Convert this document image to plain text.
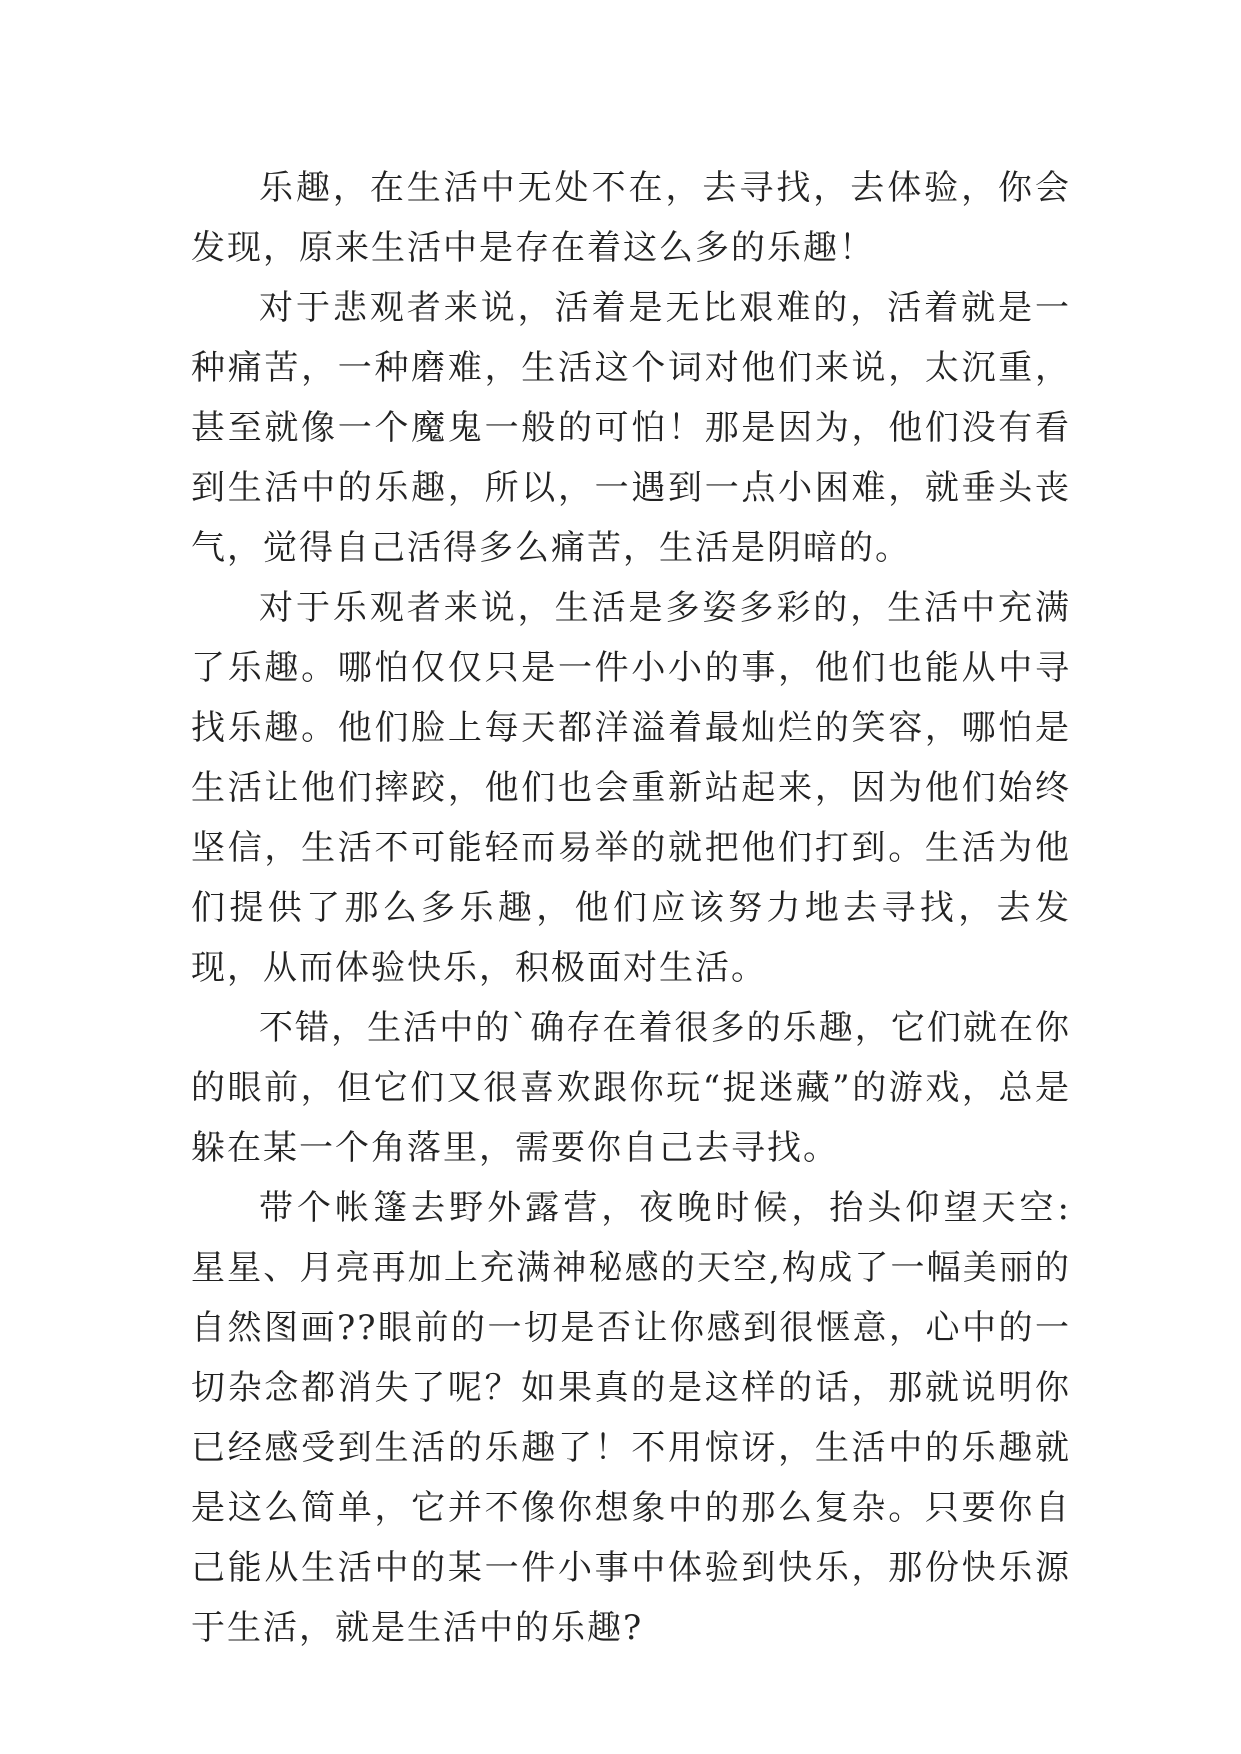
乐趣，在生活中无处不在，去寻找，去体验，你会发现，原来生活中是存在着这么多的乐趣！

对于悲观者来说，活着是无比艰难的，活着就是一种痛苦，一种磨难，生活这个词对他们来说，太沉重，甚至就像一个魔鬼一般的可怕！那是因为，他们没有看到生活中的乐趣，所以，一遇到一点小困难，就垂头丧气，觉得自己活得多么痛苦，生活是阴暗的。

对于乐观者来说，生活是多姿多彩的，生活中充满了乐趣。哪怕仅仅只是一件小小的事，他们也能从中寻找乐趣。他们脸上每天都洋溢着最灿烂的笑容，哪怕是生活让他们摔跤，他们也会重新站起来，因为他们始终坚信，生活不可能轻而易举的就把他们打到。生活为他们提供了那么多乐趣，他们应该努力地去寻找，去发现，从而体验快乐，积极面对生活。

不错，生活中的`确存在着很多的乐趣，它们就在你的眼前，但它们又很喜欢跟你玩“捉迷藏”的游戏，总是躲在某一个角落里，需要你自己去寻找。

带个帐篷去野外露营，夜晚时候，抬头仰望天空: 星星、月亮再加上充满神秘感的天空,构成了一幅美丽的自然图画??眼前的一切是否让你感到很惬意，心中的一切杂念都消失了呢？如果真的是这样的话，那就说明你已经感受到生活的乐趣了！不用惊讶，生活中的乐趣就是这么简单，它并不像你想象中的那么复杂。只要你自己能从生活中的某一件小事中体验到快乐，那份快乐源于生活，就是生活中的乐趣?
